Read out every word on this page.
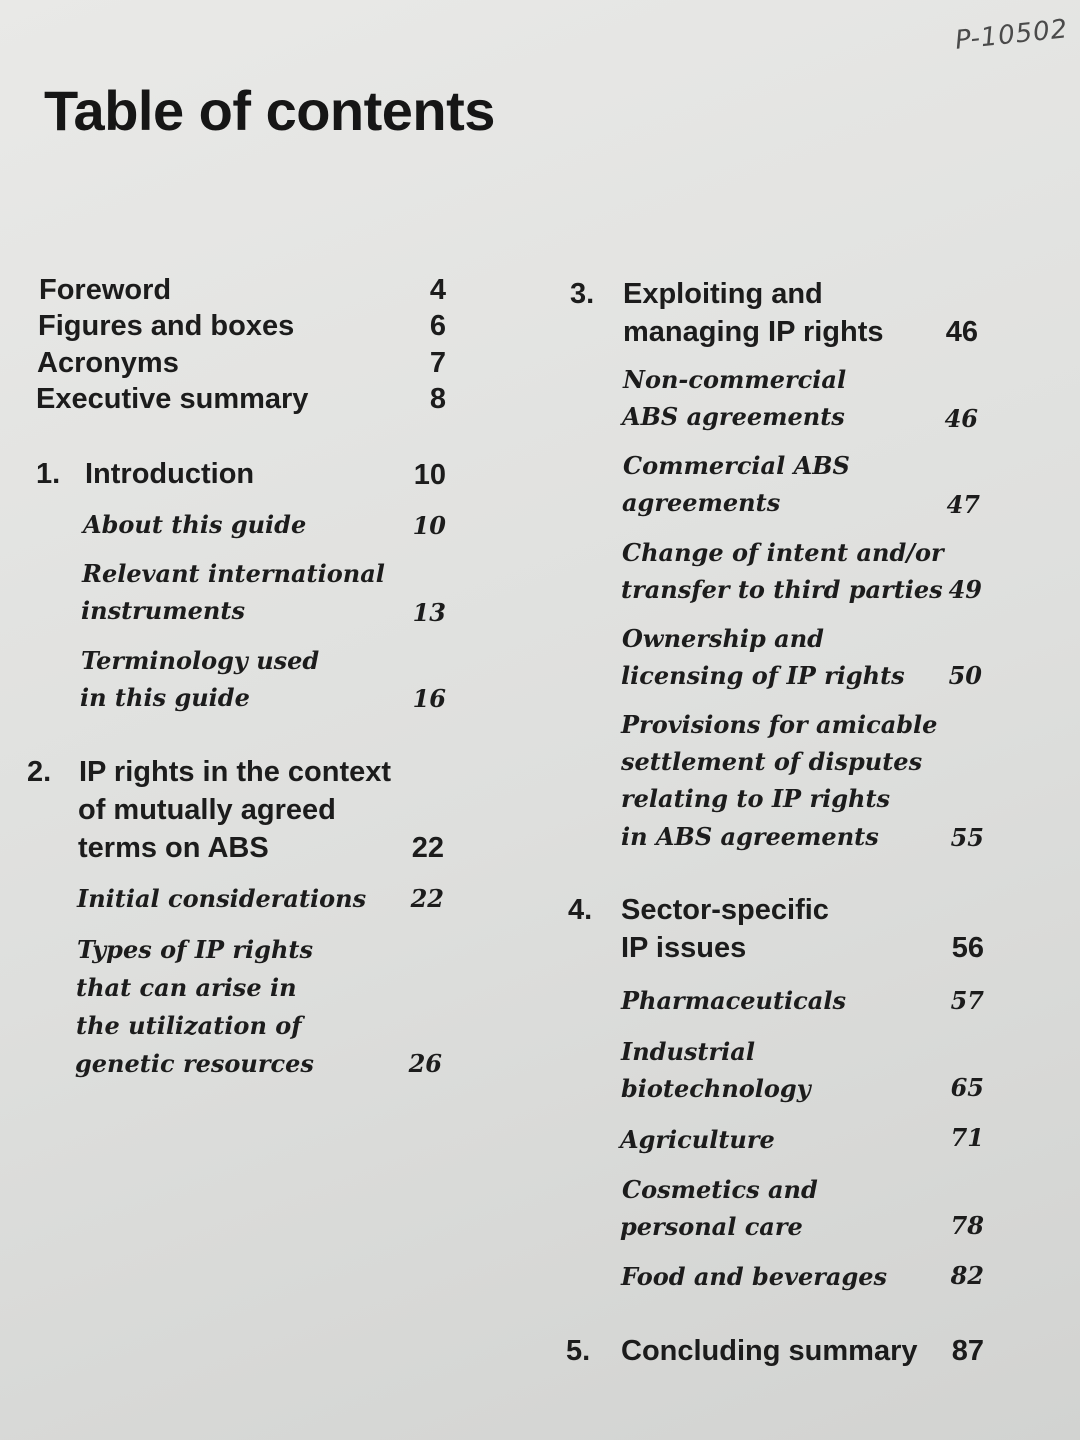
P-10502
Table of contents
Foreword	4
Figures and boxes	6
Acronyms	7
Executive summary	8
1. Introduction	10
About this guide	10
Relevant international
instruments	13
Terminology used
in this guide	16
2. IP rights in the context
of mutually agreed
terms on ABS	22
Initial considerations	22
Types of IP rights
that can arise in
the utilization of
genetic resources	26
3. Exploiting and
managing IP rights	46
Non-commercial
ABS agreements	46
Commercial ABS
agreements	47
Change of intent and/or
transfer to third parties 49
Ownership and
licensing of IP rights	50
Provisions for amicable
settlement of disputes
relating to IP rights
in ABS agreements	55
4. Sector-specific
IP issues	56
Pharmaceuticals	57
Industrial
biotechnology	65
Agriculture	71
Cosmetics and
personal care	78
Food and beverages	82
5. Concluding summary	87
